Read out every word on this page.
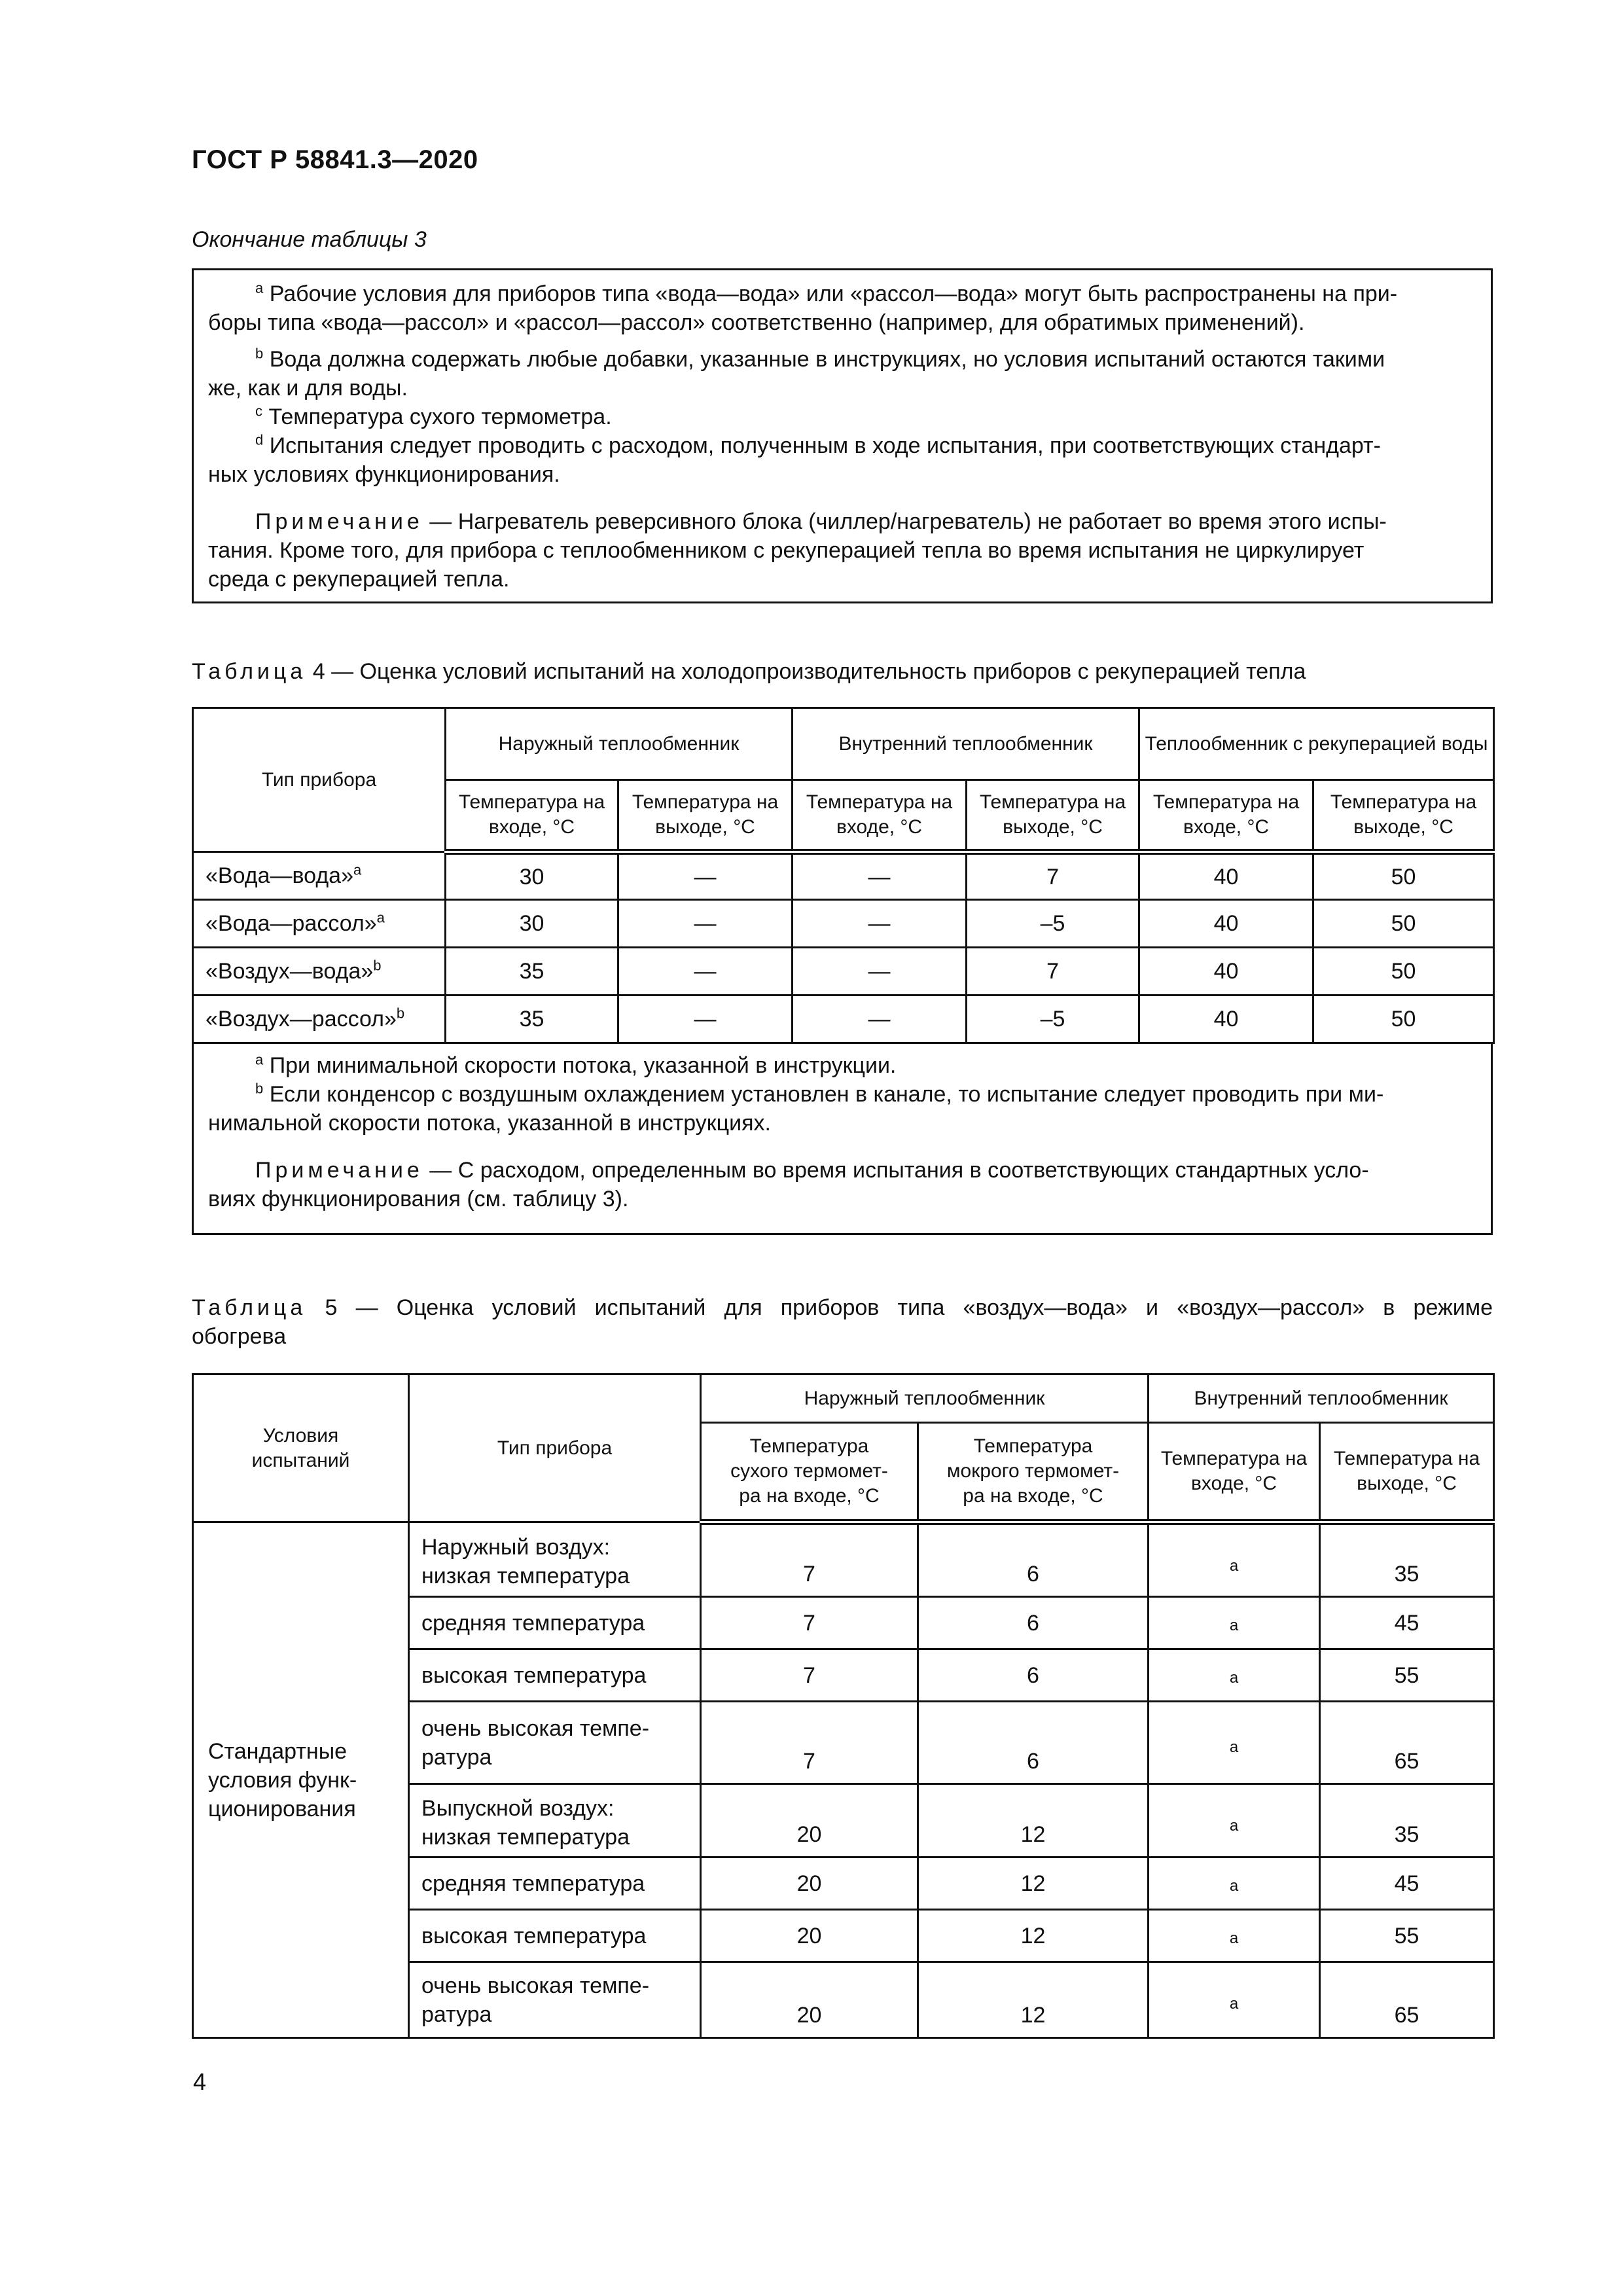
ГОСТ Р 58841.3—2020
Окончание таблицы 3
$^a$ Рабочие условия для приборов типа «вода—вода» или «рассол—вода» могут быть распространены на при-
боры типа «вода—рассол» и «рассол—рассол» соответственно (например, для обратимых применений).
$^b$ Вода должна содержать любые добавки, указанные в инструкциях, но условия испытаний остаются такими
же, как и для воды.
$^c$ Температура сухого термометра.
$^d$ Испытания следует проводить с расходом, полученным в ходе испытания, при соответствующих стандарт-
ных условиях функционирования.
Примечание — Нагреватель реверсивного блока (чиллер/нагреватель) не работает во время этого испы-
тания. Кроме того, для прибора с теплообменником с рекуперацией тепла во время испытания не циркулирует
среда с рекуперацией тепла.
Таблица 4 — Оценка условий испытаний на холодопроизводительность приборов с рекуперацией тепла
Тип прибора	Наружный теплообменник		Внутренний теплообменник		Теплообменник с рекуперацией воды	
	Температура на входе, °С	Температура на выходе, °С	Температура на входе, °С	Температура на выходе, °С	Температура на входе, °С	Температура на выходе, °С
«Вода—вода»$^a$	30	—	—	7	40	50
«Вода—рассол»$^a$	30	—	—	–5	40	50
«Воздух—вода»$^b$	35	—	—	7	40	50
«Воздух—рассол»$^b$	35	—	—	–5	40	50
$^a$ При минимальной скорости потока, указанной в инструкции.
$^b$ Если конденсор с воздушным охлаждением установлен в канале, то испытание следует проводить при ми-
нимальной скорости потока, указанной в инструкциях.
Примечание — С расходом, определенным во время испытания в соответствующих стандартных усло-
виях функционирования (см. таблицу 3).
Таблица 5 — Оценка условий испытаний для приборов типа «воздух—вода» и «воздух—рассол» в режиме
обогрева
Условия испытаний	Тип прибора	Наружный теплообменник		Внутренний теплообменник	
		Температура сухого термомет-ра на входе, °С	Температура мокрого термомет-ра на входе, °С	Температура на входе, °С	Температура на выходе, °С
Стандартные условия функ-ционирования	Наружный воздух:
низкая температура	7	6	a	35

	средняя температура	7	6	a	45

	высокая температура	7	6	a	55

	очень высокая темпе-
ратура	7	6	a	65

	Выпускной воздух:
низкая температура	20	12	a	35

	средняя температура	20	12	a	45

	высокая температура	20	12	a	55

	очень высокая темпе-
ратура	20	12	a	65
4
